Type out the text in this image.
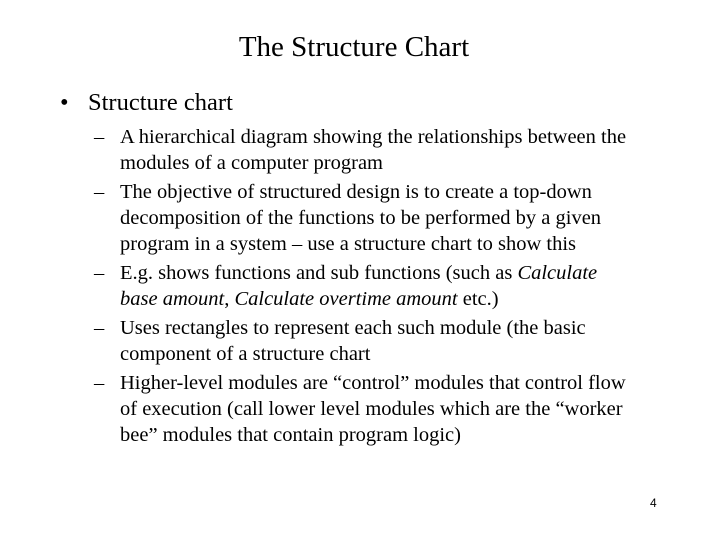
The Structure Chart
• Structure chart
– A hierarchical diagram showing the relationships between the modules of a computer program
– The objective of structured design is to create a top-down decomposition of the functions to be performed by a given program in a system – use a structure chart to show this
– E.g. shows functions and sub functions (such as Calculate base amount, Calculate overtime amount etc.)
– Uses rectangles to represent each such module (the basic component of a structure chart
– Higher-level modules are “control” modules that control flow of execution (call lower level modules which are the “worker bee” modules that contain program logic)
4
